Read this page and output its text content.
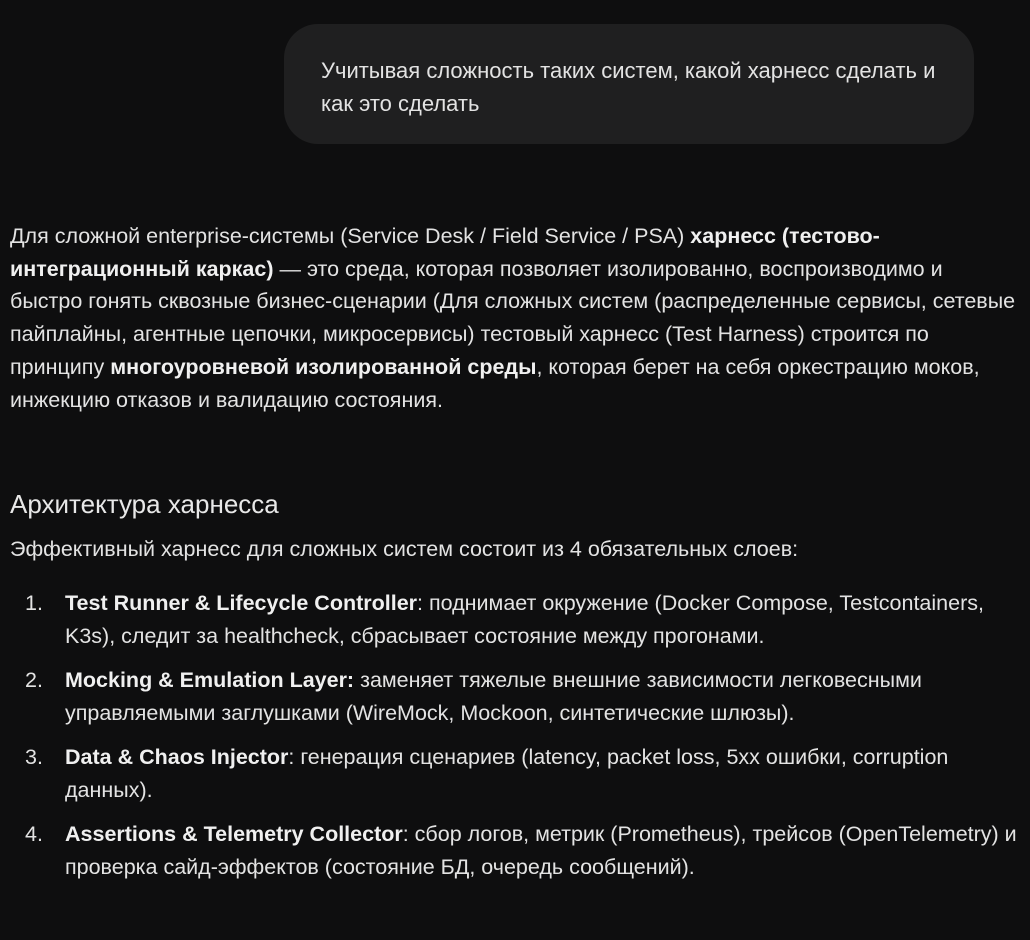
Учитывая сложность таких систем, какой харнесс сделать и как это сделать

Для сложной enterprise-системы (Service Desk / Field Service / PSA) харнесс (тестово-интеграционный каркас) — это среда, которая позволяет изолированно, воспроизводимо и быстро гонять сквозные бизнес-сценарии (Для сложных систем (распределенные сервисы, сетевые пайплайны, агентные цепочки, микросервисы) тестовый харнесс (Test Harness) строится по принципу многоуровневой изолированной среды, которая берет на себя оркестрацию моков, инжекцию отказов и валидацию состояния.

Архитектура харнесса

Эффективный харнесс для сложных систем состоит из 4 обязательных слоев:

1. Test Runner & Lifecycle Controller: поднимает окружение (Docker Compose, Testcontainers, K3s), следит за healthcheck, сбрасывает состояние между прогонами.
2. Mocking & Emulation Layer: заменяет тяжелые внешние зависимости легковесными управляемыми заглушками (WireMock, Mockoon, синтетические шлюзы).
3. Data & Chaos Injector: генерация сценариев (latency, packet loss, 5xx ошибки, corruption данных).
4. Assertions & Telemetry Collector: сбор логов, метрик (Prometheus), трейсов (OpenTelemetry) и проверка сайд-эффектов (состояние БД, очередь сообщений).
